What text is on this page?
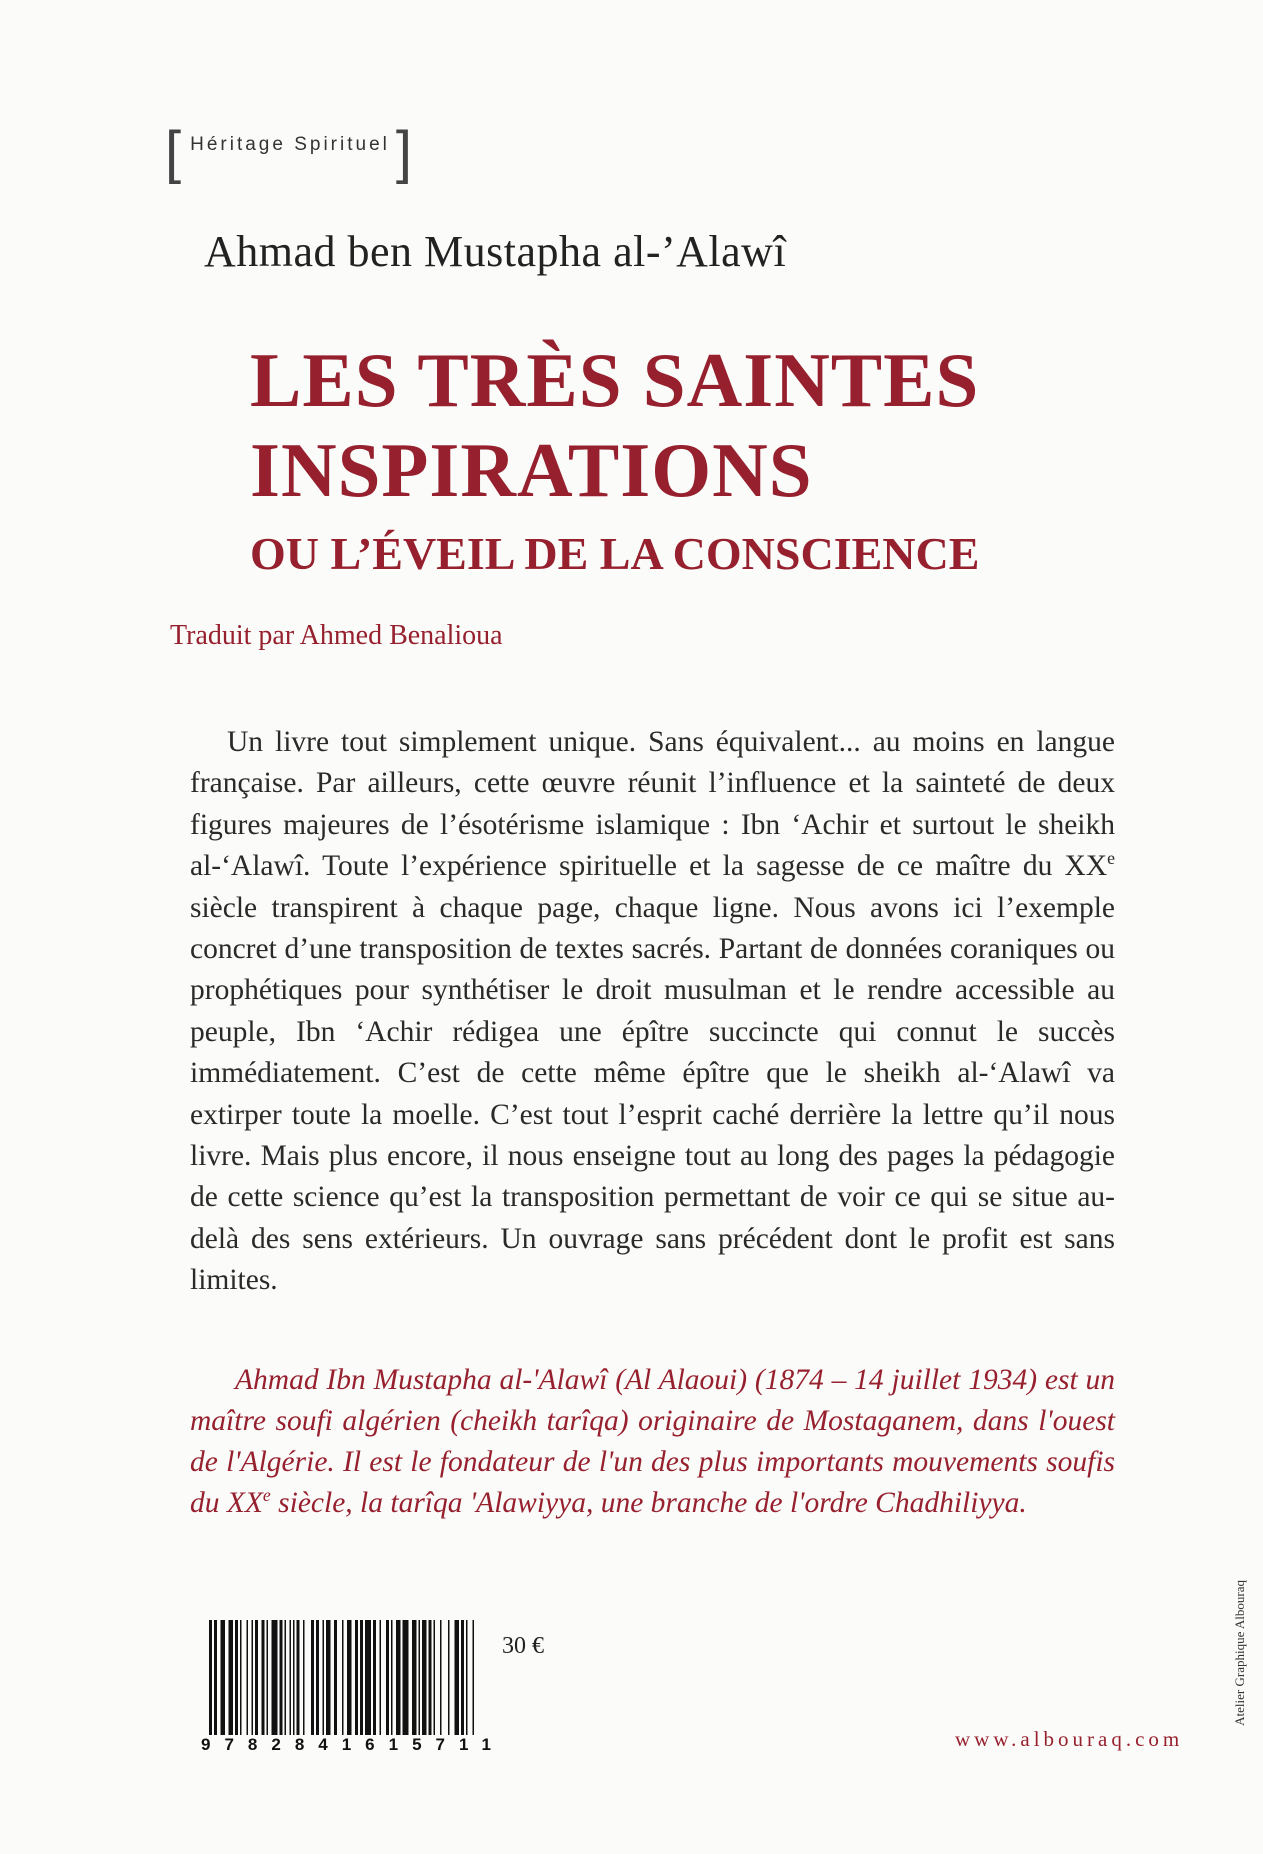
[ Héritage Spirituel ]
Ahmad ben Mustapha al-’Alawî
LES TRÈS SAINTES
INSPIRATIONS
OU L’ÉVEIL DE LA CONSCIENCE
Traduit par Ahmed Benalioua

Un livre tout simplement unique. Sans équivalent... au moins en langue française. Par ailleurs, cette œuvre réunit l’influence et la sainteté de deux figures majeures de l’ésotérisme islamique : Ibn ‘Achir et surtout le sheikh al-‘Alawî. Toute l’expérience spirituelle et la sagesse de ce maître du XXe siècle transpirent à chaque page, chaque ligne. Nous avons ici l’exemple concret d’une transposition de textes sacrés. Partant de données coraniques ou prophétiques pour synthétiser le droit musulman et le rendre accessible au peuple, Ibn ‘Achir rédigea une épître succincte qui connut le succès immédiatement. C’est de cette même épître que le sheikh al-‘Alawî va extirper toute la moelle. C’est tout l’esprit caché derrière la lettre qu’il nous livre. Mais plus encore, il nous enseigne tout au long des pages la pédagogie de cette science qu’est la transposition permettant de voir ce qui se situe au-delà des sens extérieurs. Un ouvrage sans précédent dont le profit est sans limites.

Ahmad Ibn Mustapha al-'Alawî (Al Alaoui) (1874 – 14 juillet 1934) est un maître soufi algérien (cheikh tarîqa) originaire de Mostaganem, dans l'ouest de l'Algérie. Il est le fondateur de l'un des plus importants mouvements soufis du XXe siècle, la tarîqa 'Alawiyya, une branche de l'ordre Chadhiliyya.

9782841615711
30 €
www.albouraq.com
Atelier Graphique Albouraq
